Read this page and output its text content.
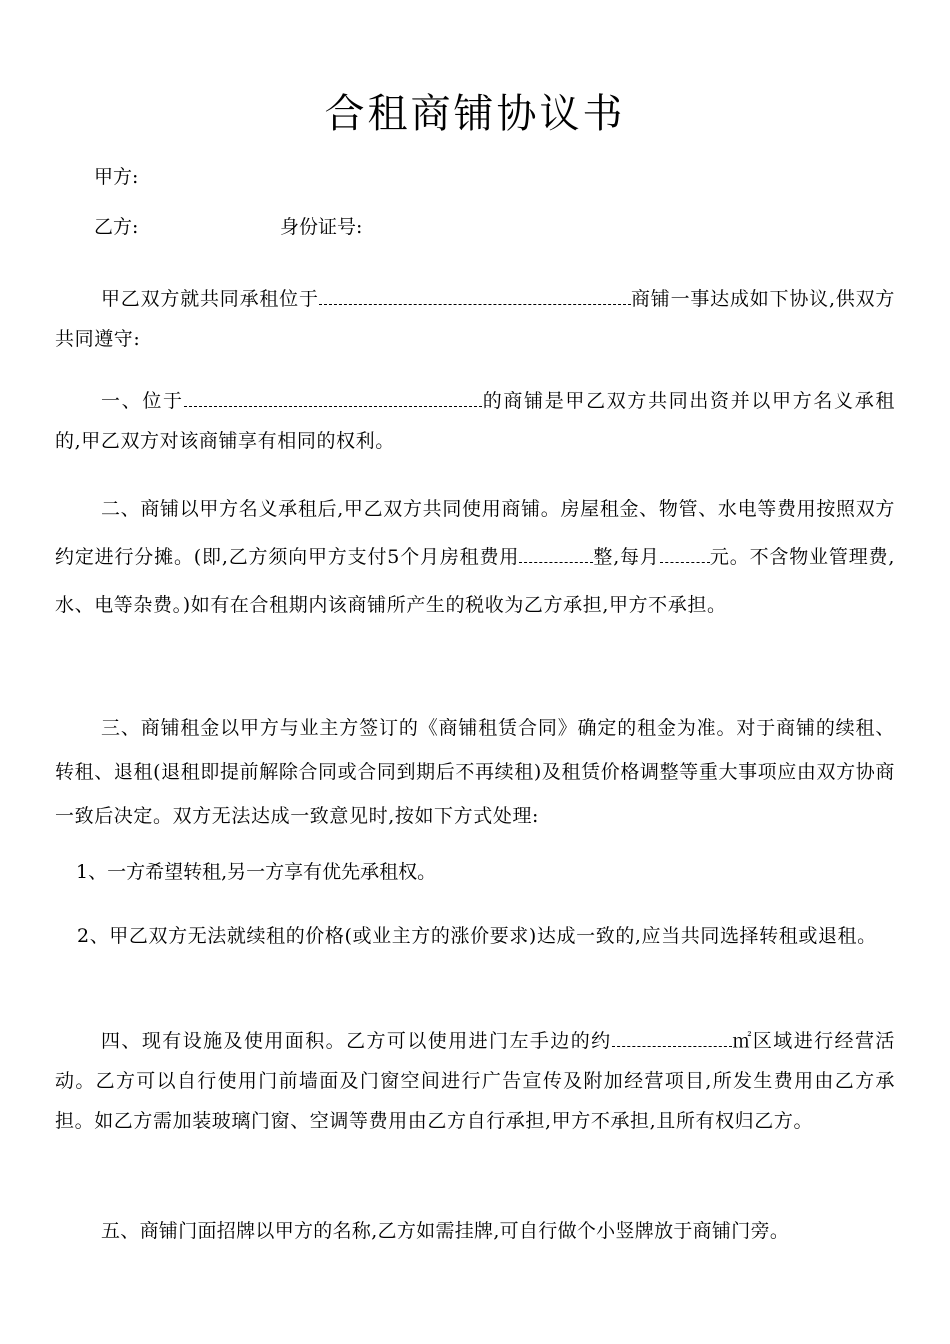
合租商铺协议书

甲方:

乙方:	身份证号:

甲乙双方就共同承租位于	商铺一事达成如下协议,供双方共同遵守:

一、位于	的商铺是甲乙双方共同出资并以甲方名义承租的,甲乙双方对该商铺享有相同的权利。

二、商铺以甲方名义承租后,甲乙双方共同使用商铺。房屋租金、物管、水电等费用按照双方约定进行分摊。(即,乙方须向甲方支付5个月房租费用	整,每月	元。不含物业管理费,水、电等杂费。)如有在合租期内该商铺所产生的税收为乙方承担,甲方不承担。

三、商铺租金以甲方与业主方签订的《商铺租赁合同》确定的租金为准。对于商铺的续租、转租、退租(退租即提前解除合同或合同到期后不再续租)及租赁价格调整等重大事项应由双方协商一致后决定。双方无法达成一致意见时,按如下方式处理:

1、一方希望转租,另一方享有优先承租权。

2、甲乙双方无法就续租的价格(或业主方的涨价要求)达成一致的,应当共同选择转租或退租。

四、现有设施及使用面积。乙方可以使用进门左手边的约	㎡区域进行经营活动。乙方可以自行使用门前墙面及门窗空间进行广告宣传及附加经营项目,所发生费用由乙方承担。如乙方需加装玻璃门窗、空调等费用由乙方自行承担,甲方不承担,且所有权归乙方。

五、商铺门面招牌以甲方的名称,乙方如需挂牌,可自行做个小竖牌放于商铺门旁。
